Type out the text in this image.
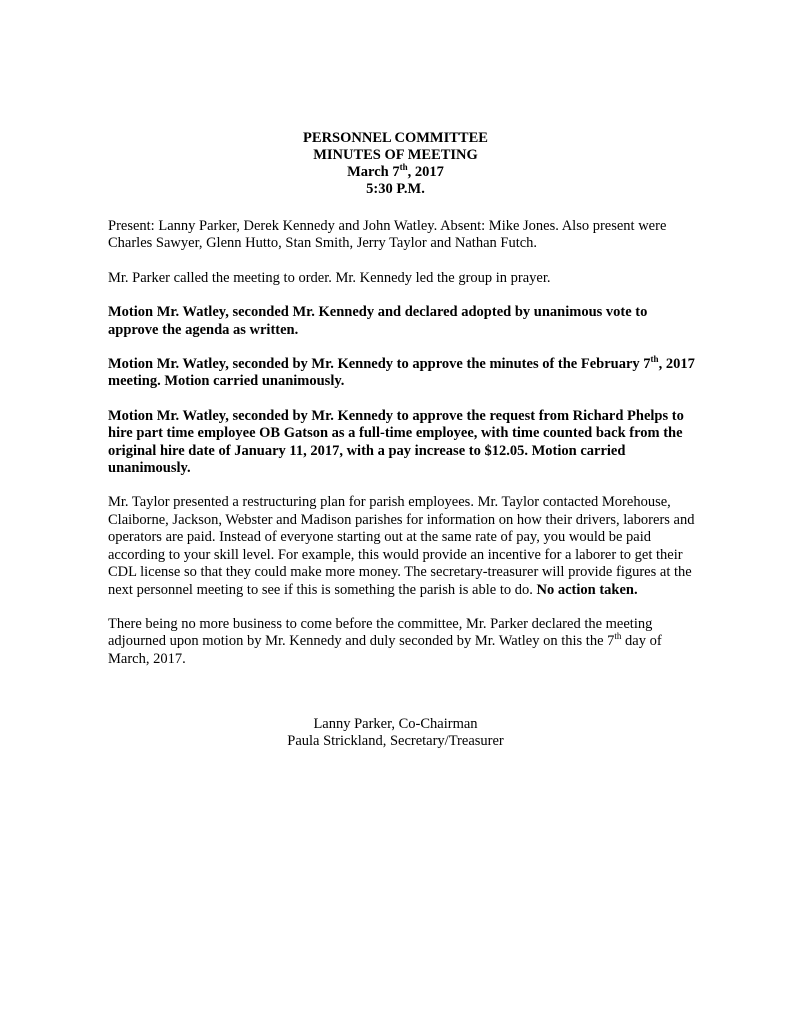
PERSONNEL COMMITTEE
MINUTES OF MEETING
March 7th, 2017
5:30 P.M.

Present: Lanny Parker, Derek Kennedy and John Watley. Absent: Mike Jones. Also present were Charles Sawyer, Glenn Hutto, Stan Smith, Jerry Taylor and Nathan Futch.

Mr. Parker called the meeting to order. Mr. Kennedy led the group in prayer.

Motion Mr. Watley, seconded Mr. Kennedy and declared adopted by unanimous vote to approve the agenda as written.

Motion Mr. Watley, seconded by Mr. Kennedy to approve the minutes of the February 7th, 2017 meeting. Motion carried unanimously.

Motion Mr. Watley, seconded by Mr. Kennedy to approve the request from Richard Phelps to hire part time employee OB Gatson as a full-time employee, with time counted back from the original hire date of January 11, 2017, with a pay increase to $12.05. Motion carried unanimously.

Mr. Taylor presented a restructuring plan for parish employees. Mr. Taylor contacted Morehouse, Claiborne, Jackson, Webster and Madison parishes for information on how their drivers, laborers and operators are paid. Instead of everyone starting out at the same rate of pay, you would be paid according to your skill level. For example, this would provide an incentive for a laborer to get their CDL license so that they could make more money. The secretary-treasurer will provide figures at the next personnel meeting to see if this is something the parish is able to do. No action taken.

There being no more business to come before the committee, Mr. Parker declared the meeting adjourned upon motion by Mr. Kennedy and duly seconded by Mr. Watley on this the 7th day of March, 2017.

Lanny Parker, Co-Chairman
Paula Strickland, Secretary/Treasurer
